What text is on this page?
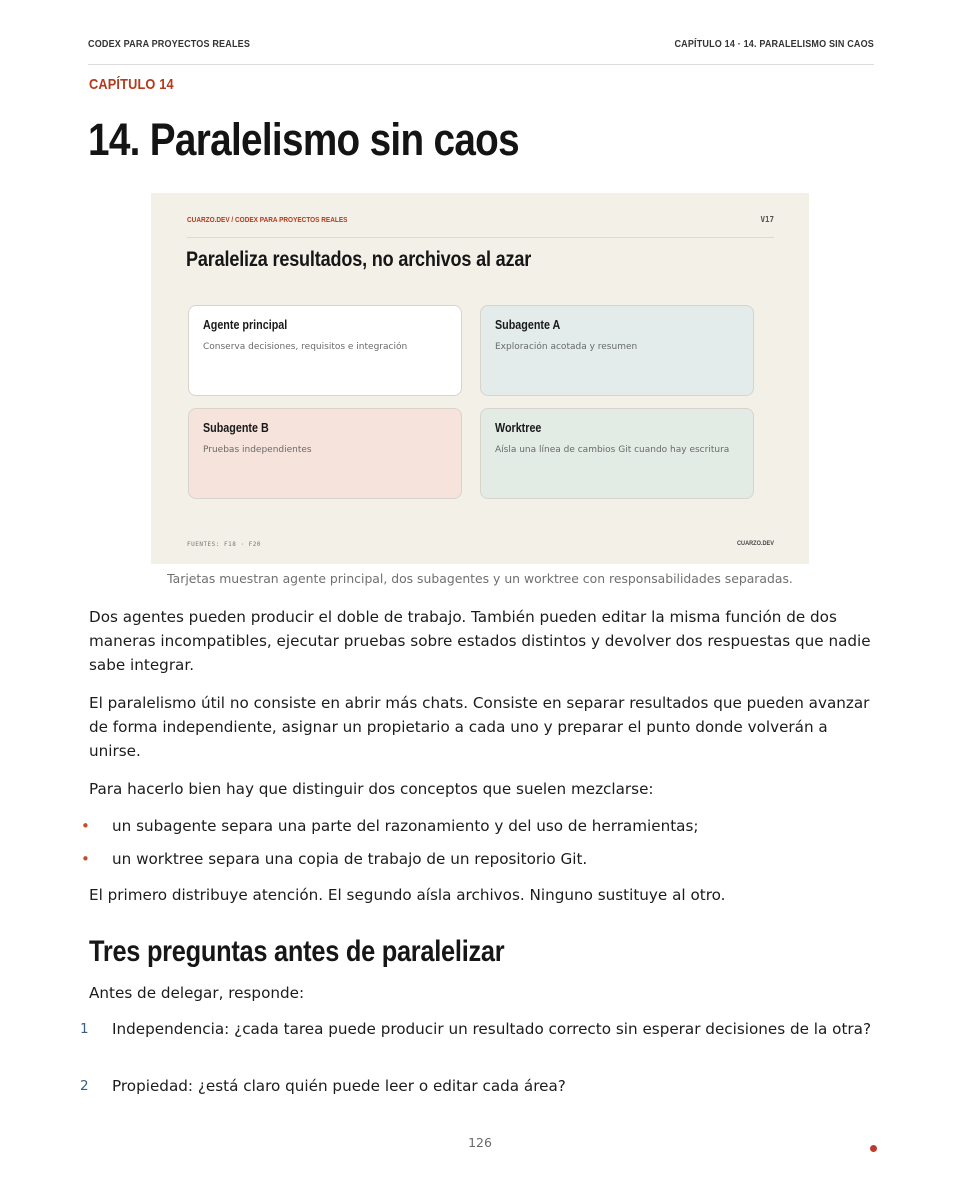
CODEX PARA PROYECTOS REALES	CAPÍTULO 14 · 14. PARALELISMO SIN CAOS
CAPÍTULO 14
14. Paralelismo sin caos
CUARZO.DEV / CODEX PARA PROYECTOS REALES	V17
Paraleliza resultados, no archivos al azar
Agente principal
Conserva decisiones, requisitos e integración
Subagente A
Exploración acotada y resumen
Subagente B
Pruebas independientes
Worktree
Aísla una línea de cambios Git cuando hay escritura
FUENTES: F18 · F20	CUARZO.DEV
Tarjetas muestran agente principal, dos subagentes y un worktree con responsabilidades separadas.

Dos agentes pueden producir el doble de trabajo. También pueden editar la misma función de dos maneras incompatibles, ejecutar pruebas sobre estados distintos y devolver dos respuestas que nadie sabe integrar.

El paralelismo útil no consiste en abrir más chats. Consiste en separar resultados que pueden avanzar de forma independiente, asignar un propietario a cada uno y preparar el punto donde volverán a unirse.

Para hacerlo bien hay que distinguir dos conceptos que suelen mezclarse:

• un subagente separa una parte del razonamiento y del uso de herramientas;
• un worktree separa una copia de trabajo de un repositorio Git.

El primero distribuye atención. El segundo aísla archivos. Ninguno sustituye al otro.

Tres preguntas antes de paralelizar

Antes de delegar, responde:

1 Independencia: ¿cada tarea puede producir un resultado correcto sin esperar decisiones de la otra?
2 Propiedad: ¿está claro quién puede leer o editar cada área?
126
